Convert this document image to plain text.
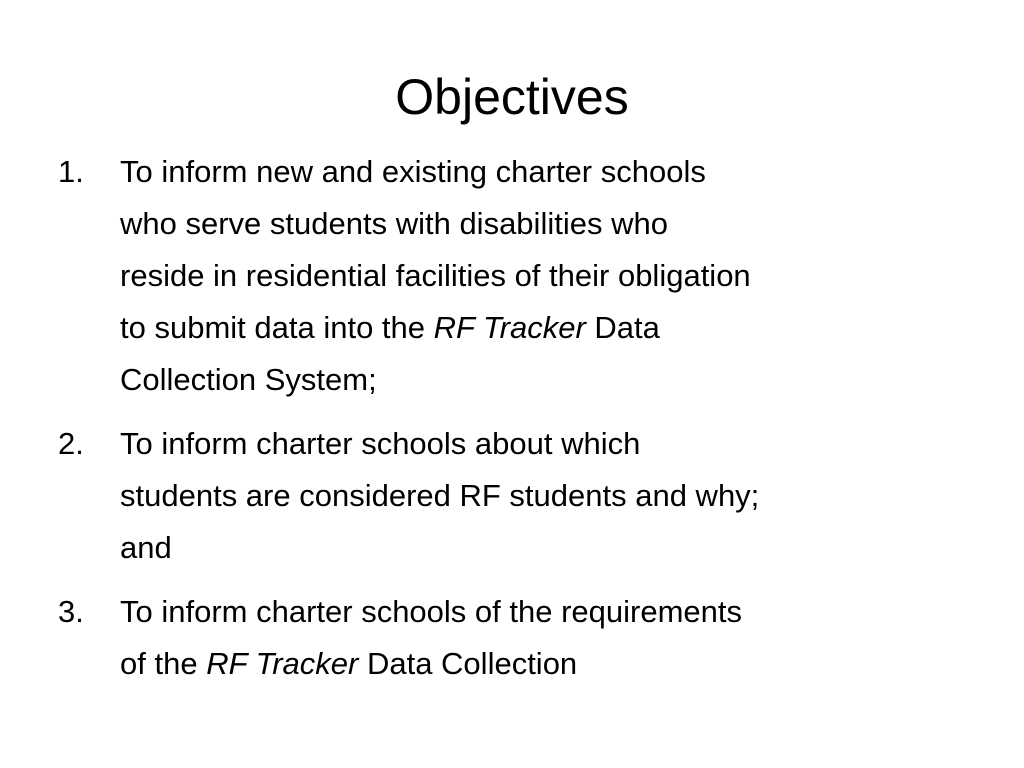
Objectives
1. To inform new and existing charter schools
who serve students with disabilities who
reside in residential facilities of their obligation
to submit data into the RF Tracker Data
Collection System;
2. To inform charter schools about which
students are considered RF students and why;
and
3. To inform charter schools of the requirements
of the RF Tracker Data Collection
